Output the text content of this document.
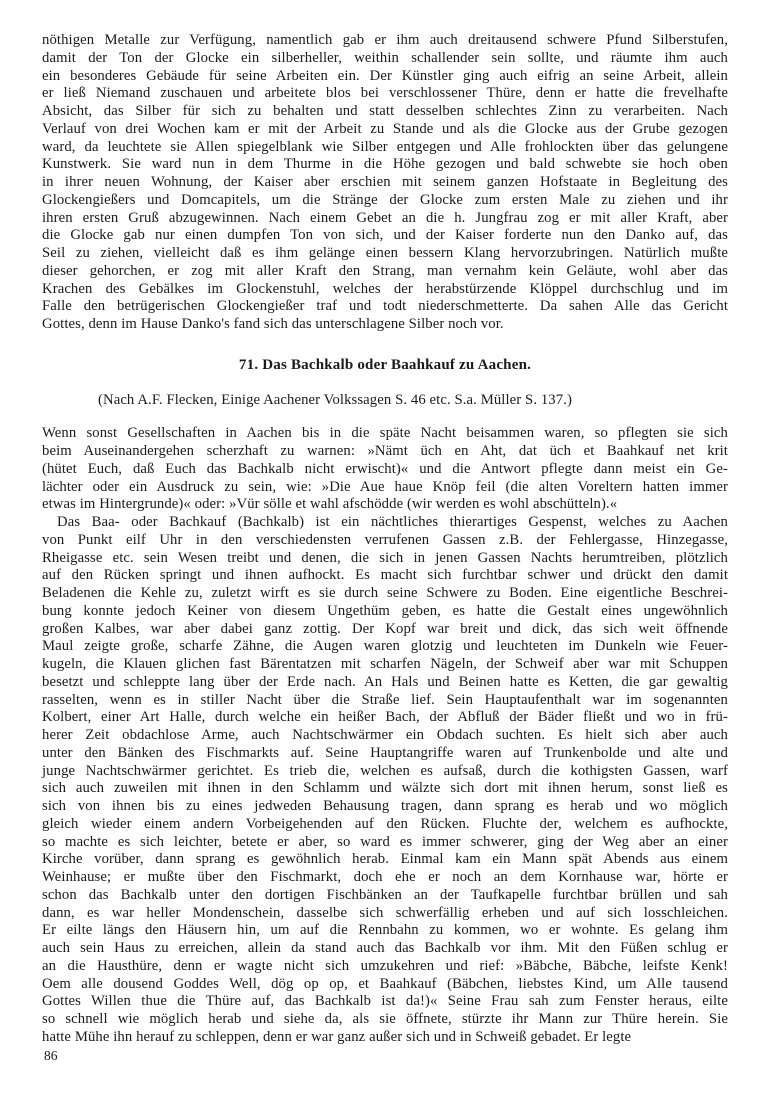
nöthigen Metalle zur Verfügung, namentlich gab er ihm auch dreitausend schwere Pfund Silberstufen,
damit der Ton der Glocke ein silberheller, weithin schallender sein sollte, und räumte ihm auch
ein besonderes Gebäude für seine Arbeiten ein. Der Künstler ging auch eifrig an seine Arbeit, allein
er ließ Niemand zuschauen und arbeitete blos bei verschlossener Thüre, denn er hatte die frevelhafte
Absicht, das Silber für sich zu behalten und statt desselben schlechtes Zinn zu verarbeiten. Nach
Verlauf von drei Wochen kam er mit der Arbeit zu Stande und als die Glocke aus der Grube gezogen
ward, da leuchtete sie Allen spiegelblank wie Silber entgegen und Alle frohlockten über das gelungene
Kunstwerk. Sie ward nun in dem Thurme in die Höhe gezogen und bald schwebte sie hoch oben
in ihrer neuen Wohnung, der Kaiser aber erschien mit seinem ganzen Hofstaate in Begleitung des
Glockengießers und Domcapitels, um die Stränge der Glocke zum ersten Male zu ziehen und ihr
ihren ersten Gruß abzugewinnen. Nach einem Gebet an die h. Jungfrau zog er mit aller Kraft, aber
die Glocke gab nur einen dumpfen Ton von sich, und der Kaiser forderte nun den Danko auf, das
Seil zu ziehen, vielleicht daß es ihm gelänge einen bessern Klang hervorzubringen. Natürlich mußte
dieser gehorchen, er zog mit aller Kraft den Strang, man vernahm kein Geläute, wohl aber das
Krachen des Gebälkes im Glockenstuhl, welches der herabstürzende Klöppel durchschlug und im
Falle den betrügerischen Glockengießer traf und todt niederschmetterte. Da sahen Alle das Gericht
Gottes, denn im Hause Danko's fand sich das unterschlagene Silber noch vor.
71. Das Bachkalb oder Baahkauf zu Aachen.
(Nach A.F. Flecken, Einige Aachener Volkssagen S. 46 etc. S.a. Müller S. 137.)
Wenn sonst Gesellschaften in Aachen bis in die späte Nacht beisammen waren, so pflegten sie sich
beim Auseinandergehen scherzhaft zu warnen: »Nämt üch en Aht, dat üch et Baahkauf net krit
(hütet Euch, daß Euch das Bachkalb nicht erwischt)« und die Antwort pflegte dann meist ein Ge-
lächter oder ein Ausdruck zu sein, wie: »Die Aue haue Knöp feil (die alten Voreltern hatten immer
etwas im Hintergrunde)« oder: »Vür sölle et wahl afschödde (wir werden es wohl abschütteln).«
Das Baa- oder Bachkauf (Bachkalb) ist ein nächtliches thierartiges Gespenst, welches zu Aachen
von Punkt eilf Uhr in den verschiedensten verrufenen Gassen z.B. der Fehlergasse, Hinzegasse,
Rheigasse etc. sein Wesen treibt und denen, die sich in jenen Gassen Nachts herumtreiben, plötzlich
auf den Rücken springt und ihnen aufhockt. Es macht sich furchtbar schwer und drückt den damit
Beladenen die Kehle zu, zuletzt wirft es sie durch seine Schwere zu Boden. Eine eigentliche Beschrei-
bung konnte jedoch Keiner von diesem Ungethüm geben, es hatte die Gestalt eines ungewöhnlich
großen Kalbes, war aber dabei ganz zottig. Der Kopf war breit und dick, das sich weit öffnende
Maul zeigte große, scharfe Zähne, die Augen waren glotzig und leuchteten im Dunkeln wie Feuer-
kugeln, die Klauen glichen fast Bärentatzen mit scharfen Nägeln, der Schweif aber war mit Schuppen
besetzt und schleppte lang über der Erde nach. An Hals und Beinen hatte es Ketten, die gar gewaltig
rasselten, wenn es in stiller Nacht über die Straße lief. Sein Hauptaufenthalt war im sogenannten
Kolbert, einer Art Halle, durch welche ein heißer Bach, der Abfluß der Bäder fließt und wo in frü-
herer Zeit obdachlose Arme, auch Nachtschwärmer ein Obdach suchten. Es hielt sich aber auch
unter den Bänken des Fischmarkts auf. Seine Hauptangriffe waren auf Trunkenbolde und alte und
junge Nachtschwärmer gerichtet. Es trieb die, welchen es aufsaß, durch die kothigsten Gassen, warf
sich auch zuweilen mit ihnen in den Schlamm und wälzte sich dort mit ihnen herum, sonst ließ es
sich von ihnen bis zu eines jedweden Behausung tragen, dann sprang es herab und wo möglich
gleich wieder einem andern Vorbeigehenden auf den Rücken. Fluchte der, welchem es aufhockte,
so machte es sich leichter, betete er aber, so ward es immer schwerer, ging der Weg aber an einer
Kirche vorüber, dann sprang es gewöhnlich herab. Einmal kam ein Mann spät Abends aus einem
Weinhause; er mußte über den Fischmarkt, doch ehe er noch an dem Kornhause war, hörte er
schon das Bachkalb unter den dortigen Fischbänken an der Taufkapelle furchtbar brüllen und sah
dann, es war heller Mondenschein, dasselbe sich schwerfällig erheben und auf sich losschleichen.
Er eilte längs den Häusern hin, um auf die Rennbahn zu kommen, wo er wohnte. Es gelang ihm
auch sein Haus zu erreichen, allein da stand auch das Bachkalb vor ihm. Mit den Füßen schlug er
an die Hausthüre, denn er wagte nicht sich umzukehren und rief: »Bäbche, Bäbche, leifste Kenk!
Oem alle dousend Goddes Well, dög op op, et Baahkauf (Bäbchen, liebstes Kind, um Alle tausend
Gottes Willen thue die Thüre auf, das Bachkalb ist da!)« Seine Frau sah zum Fenster heraus, eilte
so schnell wie möglich herab und siehe da, als sie öffnete, stürzte ihr Mann zur Thüre herein. Sie
hatte Mühe ihn herauf zu schleppen, denn er war ganz außer sich und in Schweiß gebadet. Er legte
86
